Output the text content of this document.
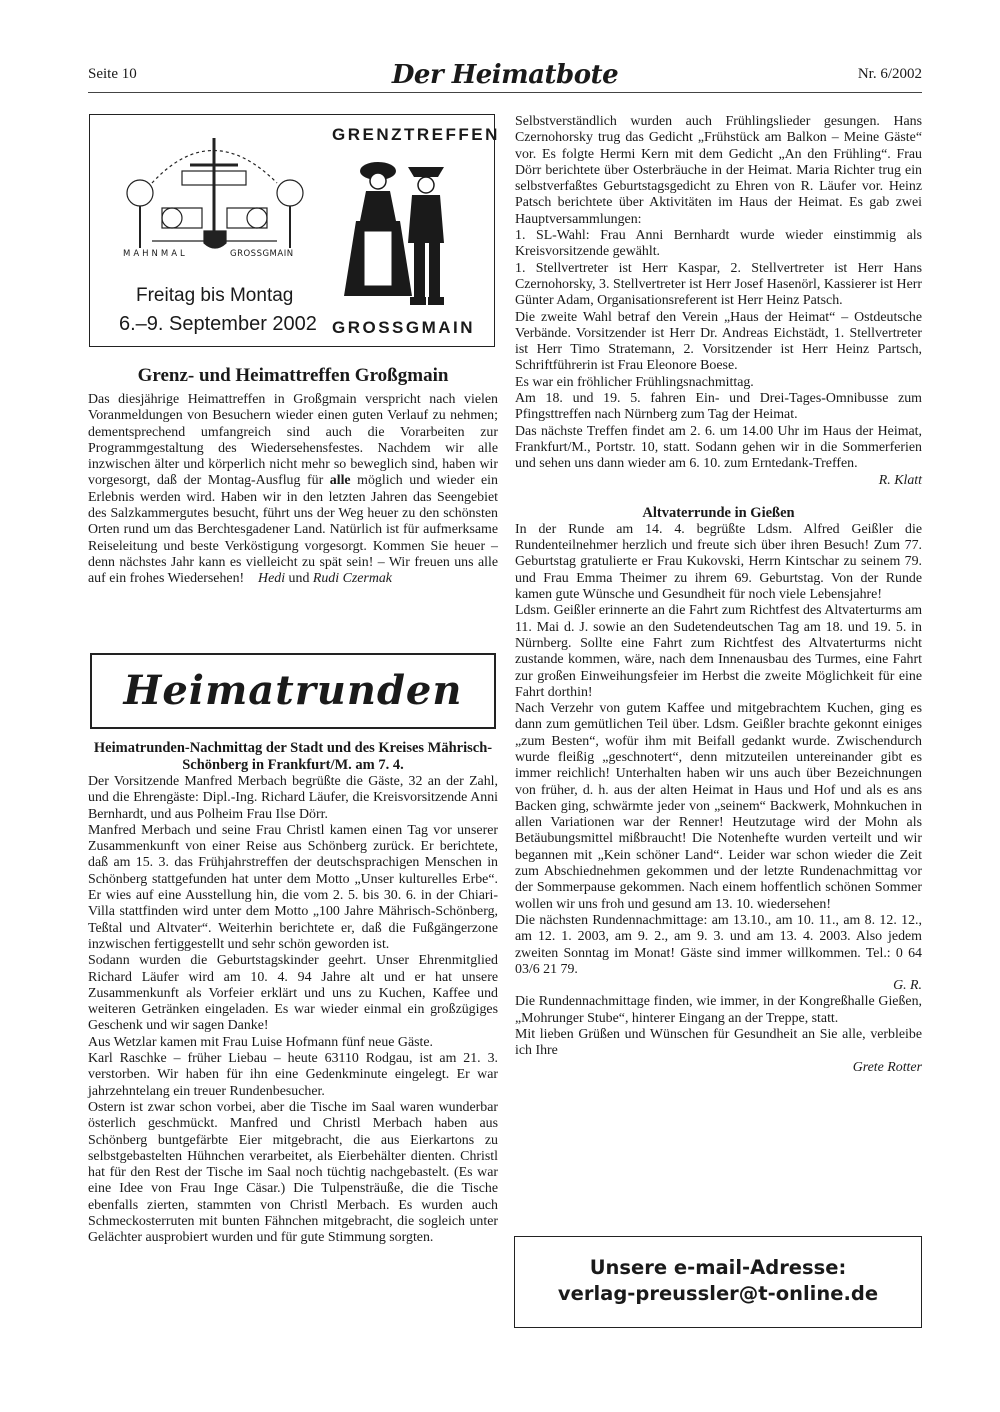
Seite 10	Der Heimatbote	Nr. 6/2002
MAHNMAL	GROSSGMAIN
GRENZTREFFEN
Freitag bis Montag
6.–9. September 2002 GROSSGMAIN
Grenz- und Heimattreffen Großgmain

Das diesjährige Heimattreffen in Großgmain verspricht nach vielen Voranmeldungen von Besuchern wieder einen guten Verlauf zu nehmen; dementsprechend umfangreich sind auch die Vorarbeiten zur Programmgestaltung des Wiedersehensfestes. Nachdem wir alle inzwischen älter und körperlich nicht mehr so beweglich sind, haben wir vorgesorgt, daß der Montag-Ausflug für alle möglich und wieder ein Erlebnis werden wird. Haben wir in den letzten Jahren das Seengebiet des Salzkammergutes besucht, führt uns der Weg heuer zu den schönsten Orten rund um das Berchtesgadener Land. Natürlich ist für aufmerksame Reiseleitung und beste Verköstigung vorgesorgt. Kommen Sie heuer – denn nächstes Jahr kann es vielleicht zu spät sein! – Wir freuen uns alle auf ein frohes Wiedersehen! Hedi und Rudi Czermak

Heimatrunden
Heimatrunden-Nachmittag der Stadt und des Kreises Mährisch-Schönberg in Frankfurt/M. am 7. 4.

Der Vorsitzende Manfred Merbach begrüßte die Gäste, 32 an der Zahl, und die Ehrengäste: Dipl.-Ing. Richard Läufer, die Kreisvorsitzende Anni Bernhardt, und aus Polheim Frau Ilse Dörr.

Manfred Merbach und seine Frau Christl kamen einen Tag vor unserer Zusammenkunft von einer Reise aus Schönberg zurück. Er berichtete, daß am 15. 3. das Frühjahrstreffen der deutschsprachigen Menschen in Schönberg stattgefunden hat unter dem Motto „Unser kulturelles Erbe“. Er wies auf eine Ausstellung hin, die vom 2. 5. bis 30. 6. in der Chiari-Villa stattfinden wird unter dem Motto „100 Jahre Mährisch-Schönberg, Teßtal und Altvater“. Weiterhin berichtete er, daß die Fußgängerzone inzwischen fertiggestellt und sehr schön geworden ist.

Sodann wurden die Geburtstagskinder geehrt. Unser Ehrenmitglied Richard Läufer wird am 10. 4. 94 Jahre alt und er hat unsere Zusammenkunft als Vorfeier erklärt und uns zu Kuchen, Kaffee und weiteren Getränken eingeladen. Es war wieder einmal ein großzügiges Geschenk und wir sagen Danke!

Aus Wetzlar kamen mit Frau Luise Hofmann fünf neue Gäste.

Karl Raschke – früher Liebau – heute 63110 Rodgau, ist am 21. 3. verstorben. Wir haben für ihn eine Gedenkminute eingelegt. Er war jahrzehntelang ein treuer Rundenbesucher.

Ostern ist zwar schon vorbei, aber die Tische im Saal waren wunderbar österlich geschmückt. Manfred und Christl Merbach haben aus Schönberg buntgefärbte Eier mitgebracht, die aus Eierkartons zu selbstgebastelten Hühnchen verarbeitet, als Eierbehälter dienten. Christl hat für den Rest der Tische im Saal noch tüchtig nachgebastelt. (Es war eine Idee von Frau Inge Cäsar.) Die Tulpensträuße, die die Tische ebenfalls zierten, stammten von Christl Merbach. Es wurden auch Schmeckosterruten mit bunten Fähnchen mitgebracht, die sogleich unter Gelächter ausprobiert wurden und für gute Stimmung sorgten.

Selbstverständlich wurden auch Frühlingslieder gesungen. Hans Czernohorsky trug das Gedicht „Frühstück am Balkon – Meine Gäste“ vor. Es folgte Hermi Kern mit dem Gedicht „An den Frühling“. Frau Dörr berichtete über Osterbräuche in der Heimat. Maria Richter trug ein selbstverfaßtes Geburtstagsgedicht zu Ehren von R. Läufer vor. Heinz Patsch berichtete über Aktivitäten im Haus der Heimat. Es gab zwei Hauptversammlungen:

1. SL-Wahl: Frau Anni Bernhardt wurde wieder einstimmig als Kreisvorsitzende gewählt.

1. Stellvertreter ist Herr Kaspar, 2. Stellvertreter ist Herr Hans Czernohorsky, 3. Stellvertreter ist Herr Josef Hasenörl, Kassierer ist Herr Günter Adam, Organisationsreferent ist Herr Heinz Patsch.

Die zweite Wahl betraf den Verein „Haus der Heimat“ – Ostdeutsche Verbände. Vorsitzender ist Herr Dr. Andreas Eichstädt, 1. Stellvertreter ist Herr Timo Stratemann, 2. Vorsitzender ist Herr Heinz Partsch, Schriftführerin ist Frau Eleonore Boese.

Es war ein fröhlicher Frühlingsnachmittag.

Am 18. und 19. 5. fahren Ein- und Drei-Tages-Omnibusse zum Pfingsttreffen nach Nürnberg zum Tag der Heimat.

Das nächste Treffen findet am 2. 6. um 14.00 Uhr im Haus der Heimat, Frankfurt/M., Portstr. 10, statt. Sodann gehen wir in die Sommerferien und sehen uns dann wieder am 6. 10. zum Erntedank-Treffen.

R. Klatt

Altvaterrunde in Gießen

In der Runde am 14. 4. begrüßte Ldsm. Alfred Geißler die Rundenteilnehmer herzlich und freute sich über ihren Besuch! Zum 77. Geburtstag gratulierte er Frau Kukovski, Herrn Kintschar zu seinem 79. und Frau Emma Theimer zu ihrem 69. Geburtstag. Von der Runde kamen gute Wünsche und Gesundheit für noch viele Lebensjahre!

Ldsm. Geißler erinnerte an die Fahrt zum Richtfest des Altvaterturms am 11. Mai d. J. sowie an den Sudetendeutschen Tag am 18. und 19. 5. in Nürnberg. Sollte eine Fahrt zum Richtfest des Altvaterturms nicht zustande kommen, wäre, nach dem Innenausbau des Turmes, eine Fahrt zur großen Einweihungsfeier im Herbst die zweite Möglichkeit für eine Fahrt dorthin!

Nach Verzehr von gutem Kaffee und mitgebrachtem Kuchen, ging es dann zum gemütlichen Teil über. Ldsm. Geißler brachte gekonnt einiges „zum Besten“, wofür ihm mit Beifall gedankt wurde. Zwischendurch wurde fleißig „geschnotert“, denn mitzuteilen untereinander gibt es immer reichlich! Unterhalten haben wir uns auch über Bezeichnungen von früher, d. h. aus der alten Heimat in Haus und Hof und als es ans Backen ging, schwärmte jeder von „seinem“ Backwerk, Mohnkuchen in allen Variationen war der Renner! Heutzutage wird der Mohn als Betäubungsmittel mißbraucht! Die Notenhefte wurden verteilt und wir begannen mit „Kein schöner Land“. Leider war schon wieder die Zeit zum Abschiednehmen gekommen und der letzte Rundenachmittag vor der Sommerpause gekommen. Nach einem hoffentlich schönen Sommer wollen wir uns froh und gesund am 13. 10. wiedersehen!

Die nächsten Rundennachmittage: am 13.10., am 10. 11., am 8. 12. 12., am 12. 1. 2003, am 9. 2., am 9. 3. und am 13. 4. 2003. Also jedem zweiten Sonntag im Monat! Gäste sind immer willkommen. Tel.: 0 64 03/6 21 79.

G. R.

Die Rundennachmittage finden, wie immer, in der Kongreßhalle Gießen, „Mohrunger Stube“, hinterer Eingang an der Treppe, statt.

Mit lieben Grüßen und Wünschen für Gesundheit an Sie alle, verbleibe ich Ihre

Grete Rotter

Unsere e-mail-Adresse:
verlag-preussler@t-online.de
